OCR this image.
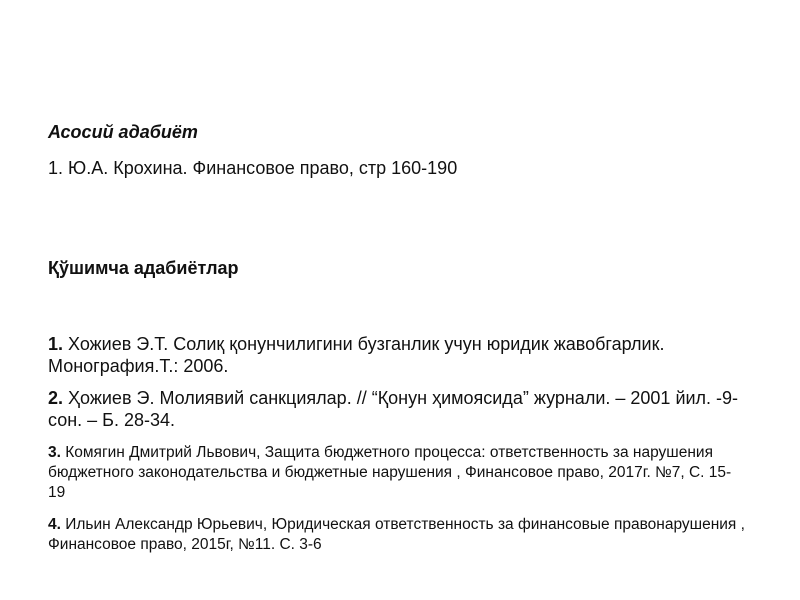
Асосий адабиёт
1. Ю.А. Крохина. Финансовое право, стр 160-190
Қўшимча адабиётлар
1. Хожиев Э.Т. Солиқ қонунчилигини бузганлик учун юридик жавобгарлик. Монография.Т.: 2006.
2. Ҳожиев Э. Молиявий санкциялар. // “Қонун ҳимоясида” журнали. – 2001 йил. -9-сон. – Б. 28-34.
3. Комягин Дмитрий Львович, Защита бюджетного процесса: ответственность за нарушения бюджетного законодательства и бюджетные нарушения , Финансовое право, 2017г. №7, С. 15-19
4. Ильин Александр Юрьевич, Юридическая ответственность за финансовые правонарушения , Финансовое право, 2015г, №11. С. 3-6
